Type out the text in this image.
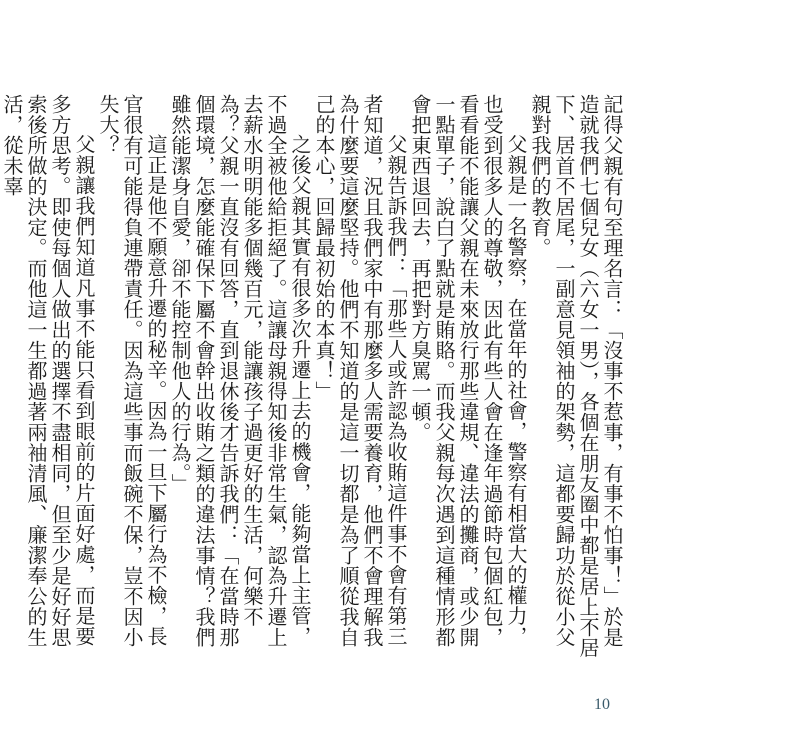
記得父親有句至理名言：「沒事不惹事，有事不怕事！」於是造就我們七個兒女（六女一男），各個在朋友圈中都是居上不居下、居首不居尾，一副意見領袖的架勢，這都要歸功於從小父親對我們的教育。

父親是一名警察，在當年的社會，警察有相當大的權力，也受到很多人的尊敬，因此有些人會在逢年過節時包個紅包，看看能不能讓父親在未來放行那些違規、違法的攤商，或少開一點單子，說白了點就是賄賂。而我父親每次遇到這種情形都會把東西退回去，再把對方臭罵一頓。

父親告訴我們：「那些人或許認為收賄這件事不會有第三者知道，況且我們家中有那麼多人需要養育，他們不會理解我為什麼要這麼堅持。他們不知道的是這一切都是為了順從我自己的本心，回歸最初始的本真！」

之後父親其實有很多次升遷上去的機會，能夠當上主管，不過全被他給拒絕了。這讓母親得知後非常生氣，認為升遷上去薪水明明能多個幾百元，能讓孩子過更好的生活，何樂不為？父親一直沒有回答，直到退休後才告訴我們：「在當時那個環境，怎麼能確保下屬不會幹出收賄之類的違法事情？我們雖然能潔身自愛，卻不能控制他人的行為。」

這正是他不願意升遷的秘辛。因為一旦下屬行為不檢，長官很有可能得負連帶責任。因為這些事而飯碗不保，豈不因小失大？

父親讓我們知道凡事不能只看到眼前的片面好處，而是要多方思考。即使每個人做出的選擇不盡相同，但至少是好好思索後所做的決定。而他這一生都過著兩袖清風、廉潔奉公的生活，從未辜

10
